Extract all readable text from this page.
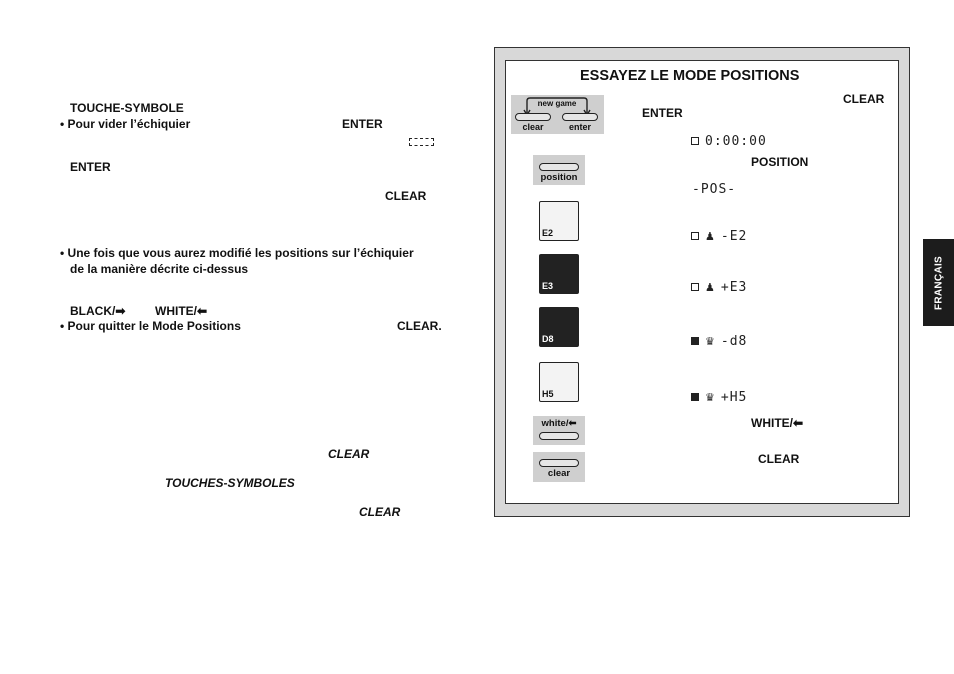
TOUCHE-SYMBOLE
• Pour vider l’échiquier	ENTER
ENTER
CLEAR
• Une fois que vous aurez modifié les positions sur l’échiquier
de la manière décrite ci-dessus
BLACK/➡ WHITE/⬅
• Pour quitter le Mode Positions	CLEAR.
CLEAR
TOUCHES-SYMBOLES
CLEAR
ESSAYEZ LE MODE POSITIONS
new game
clear	enter
CLEAR
ENTER
0:00:00
position
POSITION
-POS-
E2	♟ -E2
E3	♟ +E3
D8	♛ -d8
H5	♛ +H5
white/⬅	WHITE/⬅
clear
CLEAR
FRANÇAIS
